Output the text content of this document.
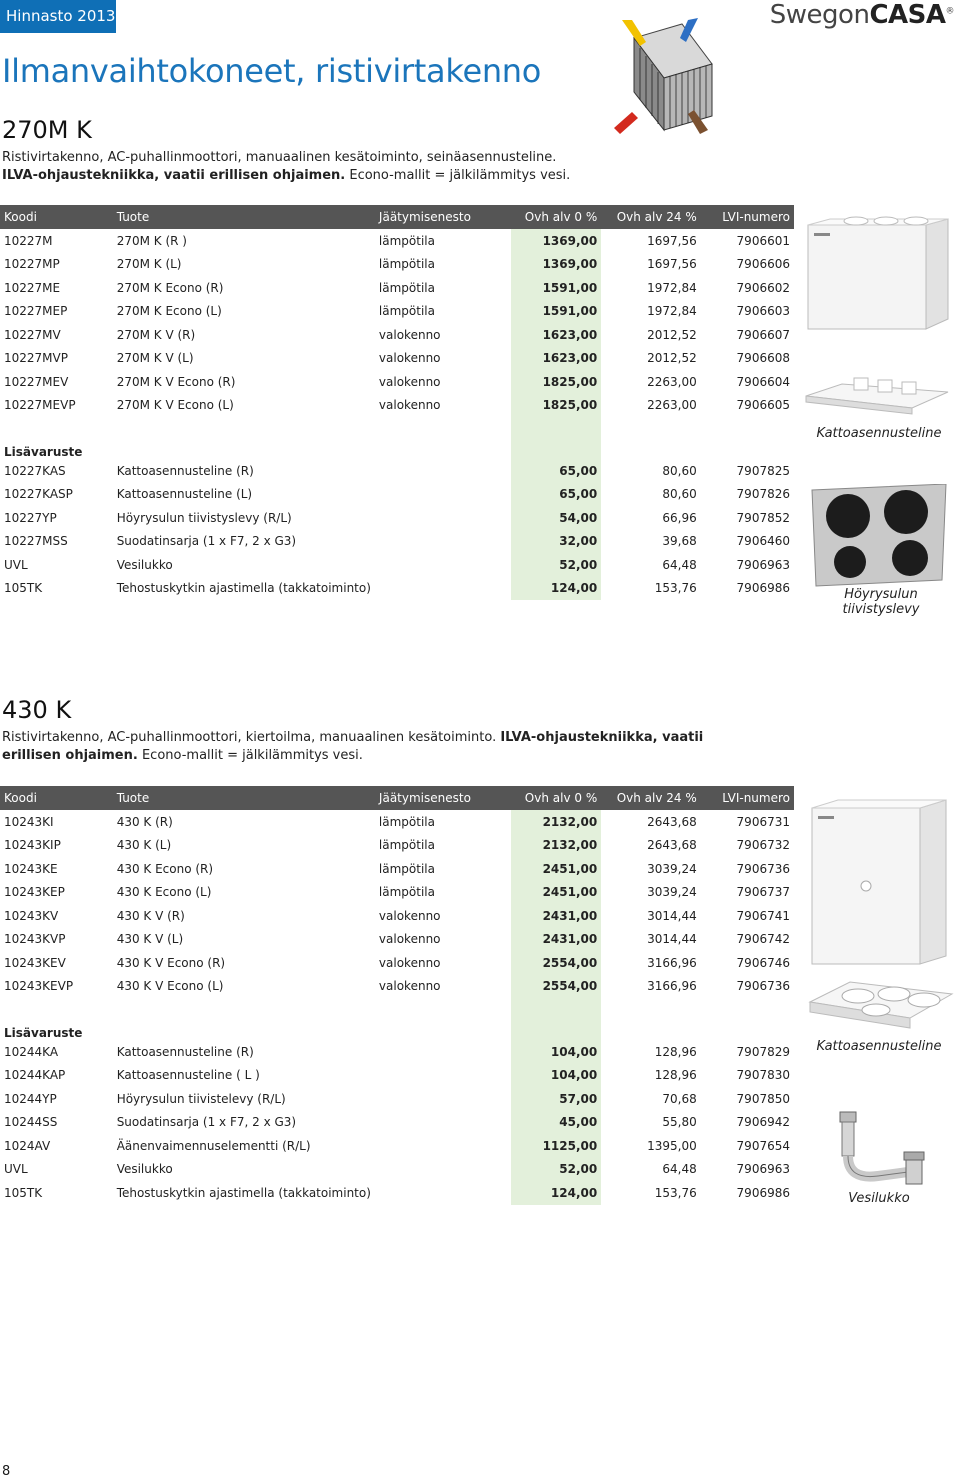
Hinnasto 2013	SwegonCASA®
Ilmanvaihtokoneet, ristivirtakenno
270M K

Ristivirtakenno, AC-puhallinmoottori, manuaalinen kesätoiminto, seinäasennusteline.
ILVA-ohjaustekniikka, vaatii erillisen ohjaimen. Econo-mallit = jälkilämmitys vesi.

Koodi	Tuote	Jäätymisenesto	Ovh alv 0 %	Ovh alv 24 %	LVI-numero
10227M	270M K (R )	lämpötila	1369,00	1697,56	7906601
10227MP	270M K (L)	lämpötila	1369,00	1697,56	7906606
10227ME	270M K Econo (R)	lämpötila	1591,00	1972,84	7906602
10227MEP	270M K Econo (L)	lämpötila	1591,00	1972,84	7906603
10227MV	270M K V (R)	valokenno	1623,00	2012,52	7906607
10227MVP	270M K V (L)	valokenno	1623,00	2012,52	7906608
10227MEV	270M K V Econo (R)	valokenno	1825,00	2263,00	7906604
10227MEVP	270M K V Econo (L)	valokenno	1825,00	2263,00	7906605

Lisävaruste					
10227KAS	Kattoasennusteline (R)		65,00	80,60	7907825
10227KASP	Kattoasennusteline (L)		65,00	80,60	7907826
10227YP	Höyrysulun tiivistyslevy (R/L)		54,00	66,96	7907852
10227MSS	Suodatinsarja (1 x F7, 2 x G3)		32,00	39,68	7906460
UVL	Vesilukko		52,00	64,48	7906963
105TK	Tehostuskytkin ajastimella (takkatoiminto)		124,00	153,76	7906986
Kattoasennusteline
Höyrysulun tiivistyslevy
430 K

Ristivirtakenno, AC-puhallinmoottori, kiertoilma, manuaalinen kesätoiminto. ILVA-ohjaustekniikka, vaatii erillisen ohjaimen. Econo-mallit = jälkilämmitys vesi.

Koodi	Tuote	Jäätymisenesto	Ovh alv 0 %	Ovh alv 24 %	LVI-numero
10243KI	430 K (R)	lämpötila	2132,00	2643,68	7906731
10243KIP	430 K (L)	lämpötila	2132,00	2643,68	7906732
10243KE	430 K Econo (R)	lämpötila	2451,00	3039,24	7906736
10243KEP	430 K Econo (L)	lämpötila	2451,00	3039,24	7906737
10243KV	430 K V (R)	valokenno	2431,00	3014,44	7906741
10243KVP	430 K V (L)	valokenno	2431,00	3014,44	7906742
10243KEV	430 K V Econo (R)	valokenno	2554,00	3166,96	7906746
10243KEVP	430 K V Econo (L)	valokenno	2554,00	3166,96	7906736

Lisävaruste					
10244KA	Kattoasennusteline (R)		104,00	128,96	7907829
10244KAP	Kattoasennusteline ( L )		104,00	128,96	7907830
10244YP	Höyrysulun tiivistelevy (R/L)		57,00	70,68	7907850
10244SS	Suodatinsarja (1 x F7, 2 x G3)		45,00	55,80	7906942
1024AV	Äänenvaimennuselementti (R/L)		1125,00	1395,00	7907654
UVL	Vesilukko		52,00	64,48	7906963
105TK	Tehostuskytkin ajastimella (takkatoiminto)		124,00	153,76	7906986
Kattoasennusteline
Vesilukko
8
